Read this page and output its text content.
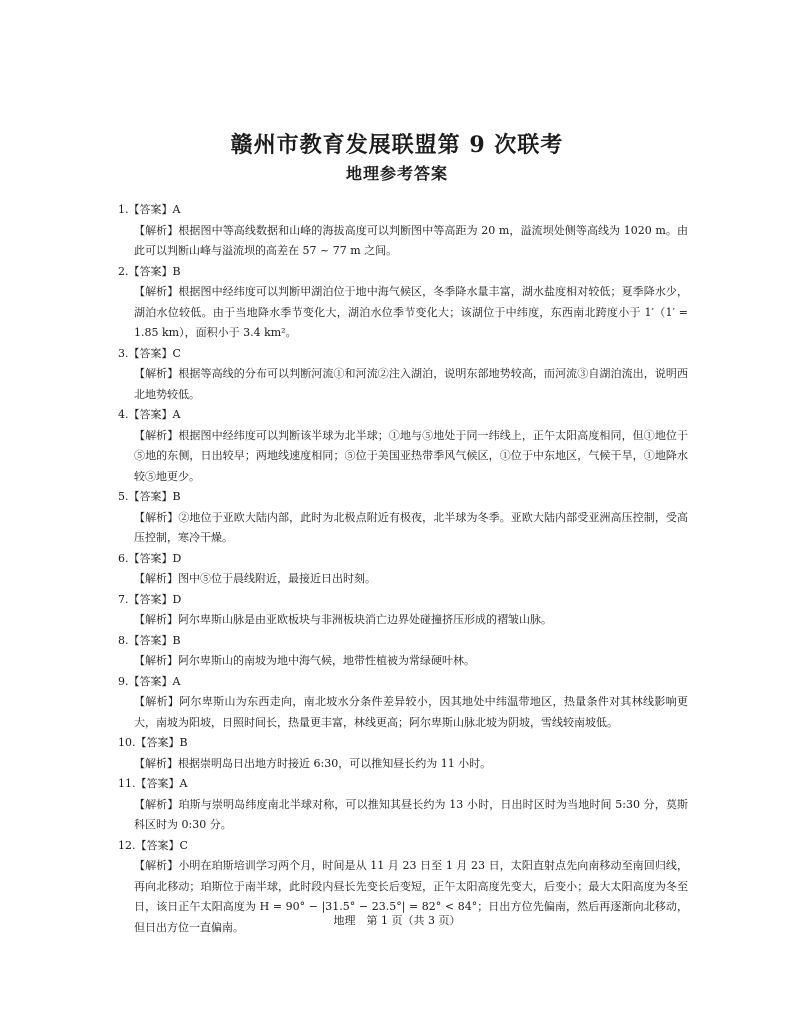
赣州市教育发展联盟第 9 次联考
地理参考答案

1.【答案】A

【解析】根据图中等高线数据和山峰的海拔高度可以判断图中等高距为 20 m，溢流坝处侧等高线为 1020 m。由此可以判断山峰与溢流坝的高差在 57 ~ 77 m 之间。

2.【答案】B

【解析】根据图中经纬度可以判断甲湖泊位于地中海气候区，冬季降水量丰富，湖水盐度相对较低；夏季降水少，湖泊水位较低。由于当地降水季节变化大，湖泊水位季节变化大；该湖位于中纬度，东西南北跨度小于 1′（1′ = 1.85 km），面积小于 3.4 km²。

3.【答案】C

【解析】根据等高线的分布可以判断河流①和河流②注入湖泊，说明东部地势较高，而河流③自湖泊流出，说明西北地势较低。

4.【答案】A

【解析】根据图中经纬度可以判断该半球为北半球；①地与⑤地处于同一纬线上，正午太阳高度相同，但①地位于⑤地的东侧，日出较早；两地线速度相同；⑤位于美国亚热带季风气候区，①位于中东地区，气候干旱，①地降水较⑤地更少。

5.【答案】B

【解析】②地位于亚欧大陆内部，此时为北极点附近有极夜，北半球为冬季。亚欧大陆内部受亚洲高压控制，受高压控制，寒冷干燥。

6.【答案】D

【解析】图中⑤位于晨线附近，最接近日出时刻。

7.【答案】D

【解析】阿尔卑斯山脉是由亚欧板块与非洲板块消亡边界处碰撞挤压形成的褶皱山脉。

8.【答案】B

【解析】阿尔卑斯山的南坡为地中海气候，地带性植被为常绿硬叶林。

9.【答案】A

【解析】阿尔卑斯山为东西走向，南北坡水分条件差异较小，因其地处中纬温带地区，热量条件对其林线影响更大，南坡为阳坡，日照时间长，热量更丰富，林线更高；阿尔卑斯山脉北坡为阴坡，雪线较南坡低。

10.【答案】B

【解析】根据崇明岛日出地方时接近 6:30，可以推知昼长约为 11 小时。

11.【答案】A

【解析】珀斯与崇明岛纬度南北半球对称，可以推知其昼长约为 13 小时，日出时区时为当地时间 5:30 分，莫斯科区时为 0:30 分。

12.【答案】C

【解析】小明在珀斯培训学习两个月，时间是从 11 月 23 日至 1 月 23 日，太阳直射点先向南移动至南回归线，再向北移动；珀斯位于南半球，此时段内昼长先变长后变短，正午太阳高度先变大，后变小；最大太阳高度为冬至日，该日正午太阳高度为 H = 90° − |31.5° − 23.5°| = 82° < 84°；日出方位先偏南，然后再逐渐向北移动，但日出方位一直偏南。	地理　第 1 页（共 3 页）
